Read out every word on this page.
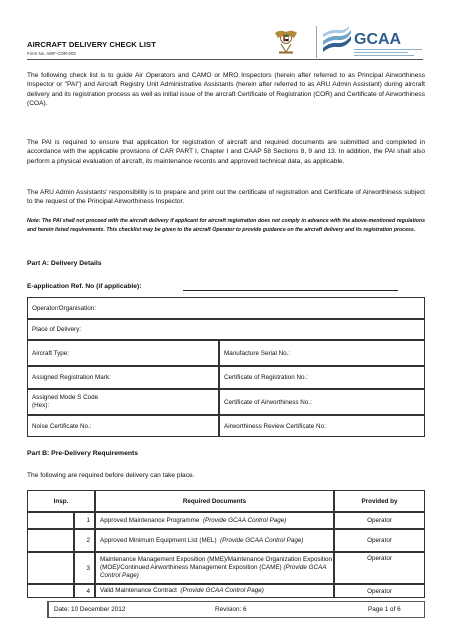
AIRCRAFT DELIVERY CHECK LIST
Form No. AWF-COR-003
GCAA
The following check list is to guide Air Operators and CAMO or MRO Inspectors (herein after referred to as Principal Airworthiness Inspector or "PAI") and Aircraft Registry Unit Administrative Assistants (herein after referred to as ARU Admin Assistant) during aircraft delivery and its registration process as well as initial issue of the aircraft Certificate of Registration (COR) and Certificate of Airworthiness (COA).
The PAI is required to ensure that application for registration of aircraft and required documents are submitted and completed in accordance with the applicable provisions of CAR PART I, Chapter I and CAAP 58 Sections 8, 9 and 13. In addition, the PAI shall also perform a physical evaluation of aircraft, its maintenance records and approved technical data, as applicable.
The ARU Admin Assistants' responsibility is to prepare and print out the certificate of registration and Certificate of Airworthiness subject to the request of the Principal Airworthiness Inspector.
Note: The PAI shall not proceed with the aircraft delivery if applicant for aircraft registration does not comply in advance with the above-mentioned regulations and herein listed requirements. This checklist may be given to the aircraft Operator to provide guidance on the aircraft delivery and its registration process.
Part A: Delivery Details
E-application Ref. No (if applicable):
Operator/Organisation:
Place of Delivery:
Aircraft Type:	Manufacture Serial No.:
Assigned Registration Mark:	Certificate of Registration No.:
Assigned Mode S Code
(Hex):	Certificate of Airworthiness No.:
Noise Certificate No.:	Airworthiness Review Certificate No:
Part B: Pre-Delivery Requirements
The following are required before delivery can take place.
Insp.	Required Documents	Provided by
1	Approved Maintenance Programme (Provide GCAA Control Page)	Operator
2	Approved Minimum Equipment List (MEL) (Provide GCAA Control Page)	Operator
3
Maintenance Management Exposition (MME)/Maintenance Organization Exposition (MOE)/Continued Airworthiness Management Exposition (CAME) (Provide GCAA Control Page)
Operator
4	Valid Maintenance Contract (Provide GCAA Control Page)	Operator
Date: 10 December 2012	Revision: 6	Page 1 of 6
